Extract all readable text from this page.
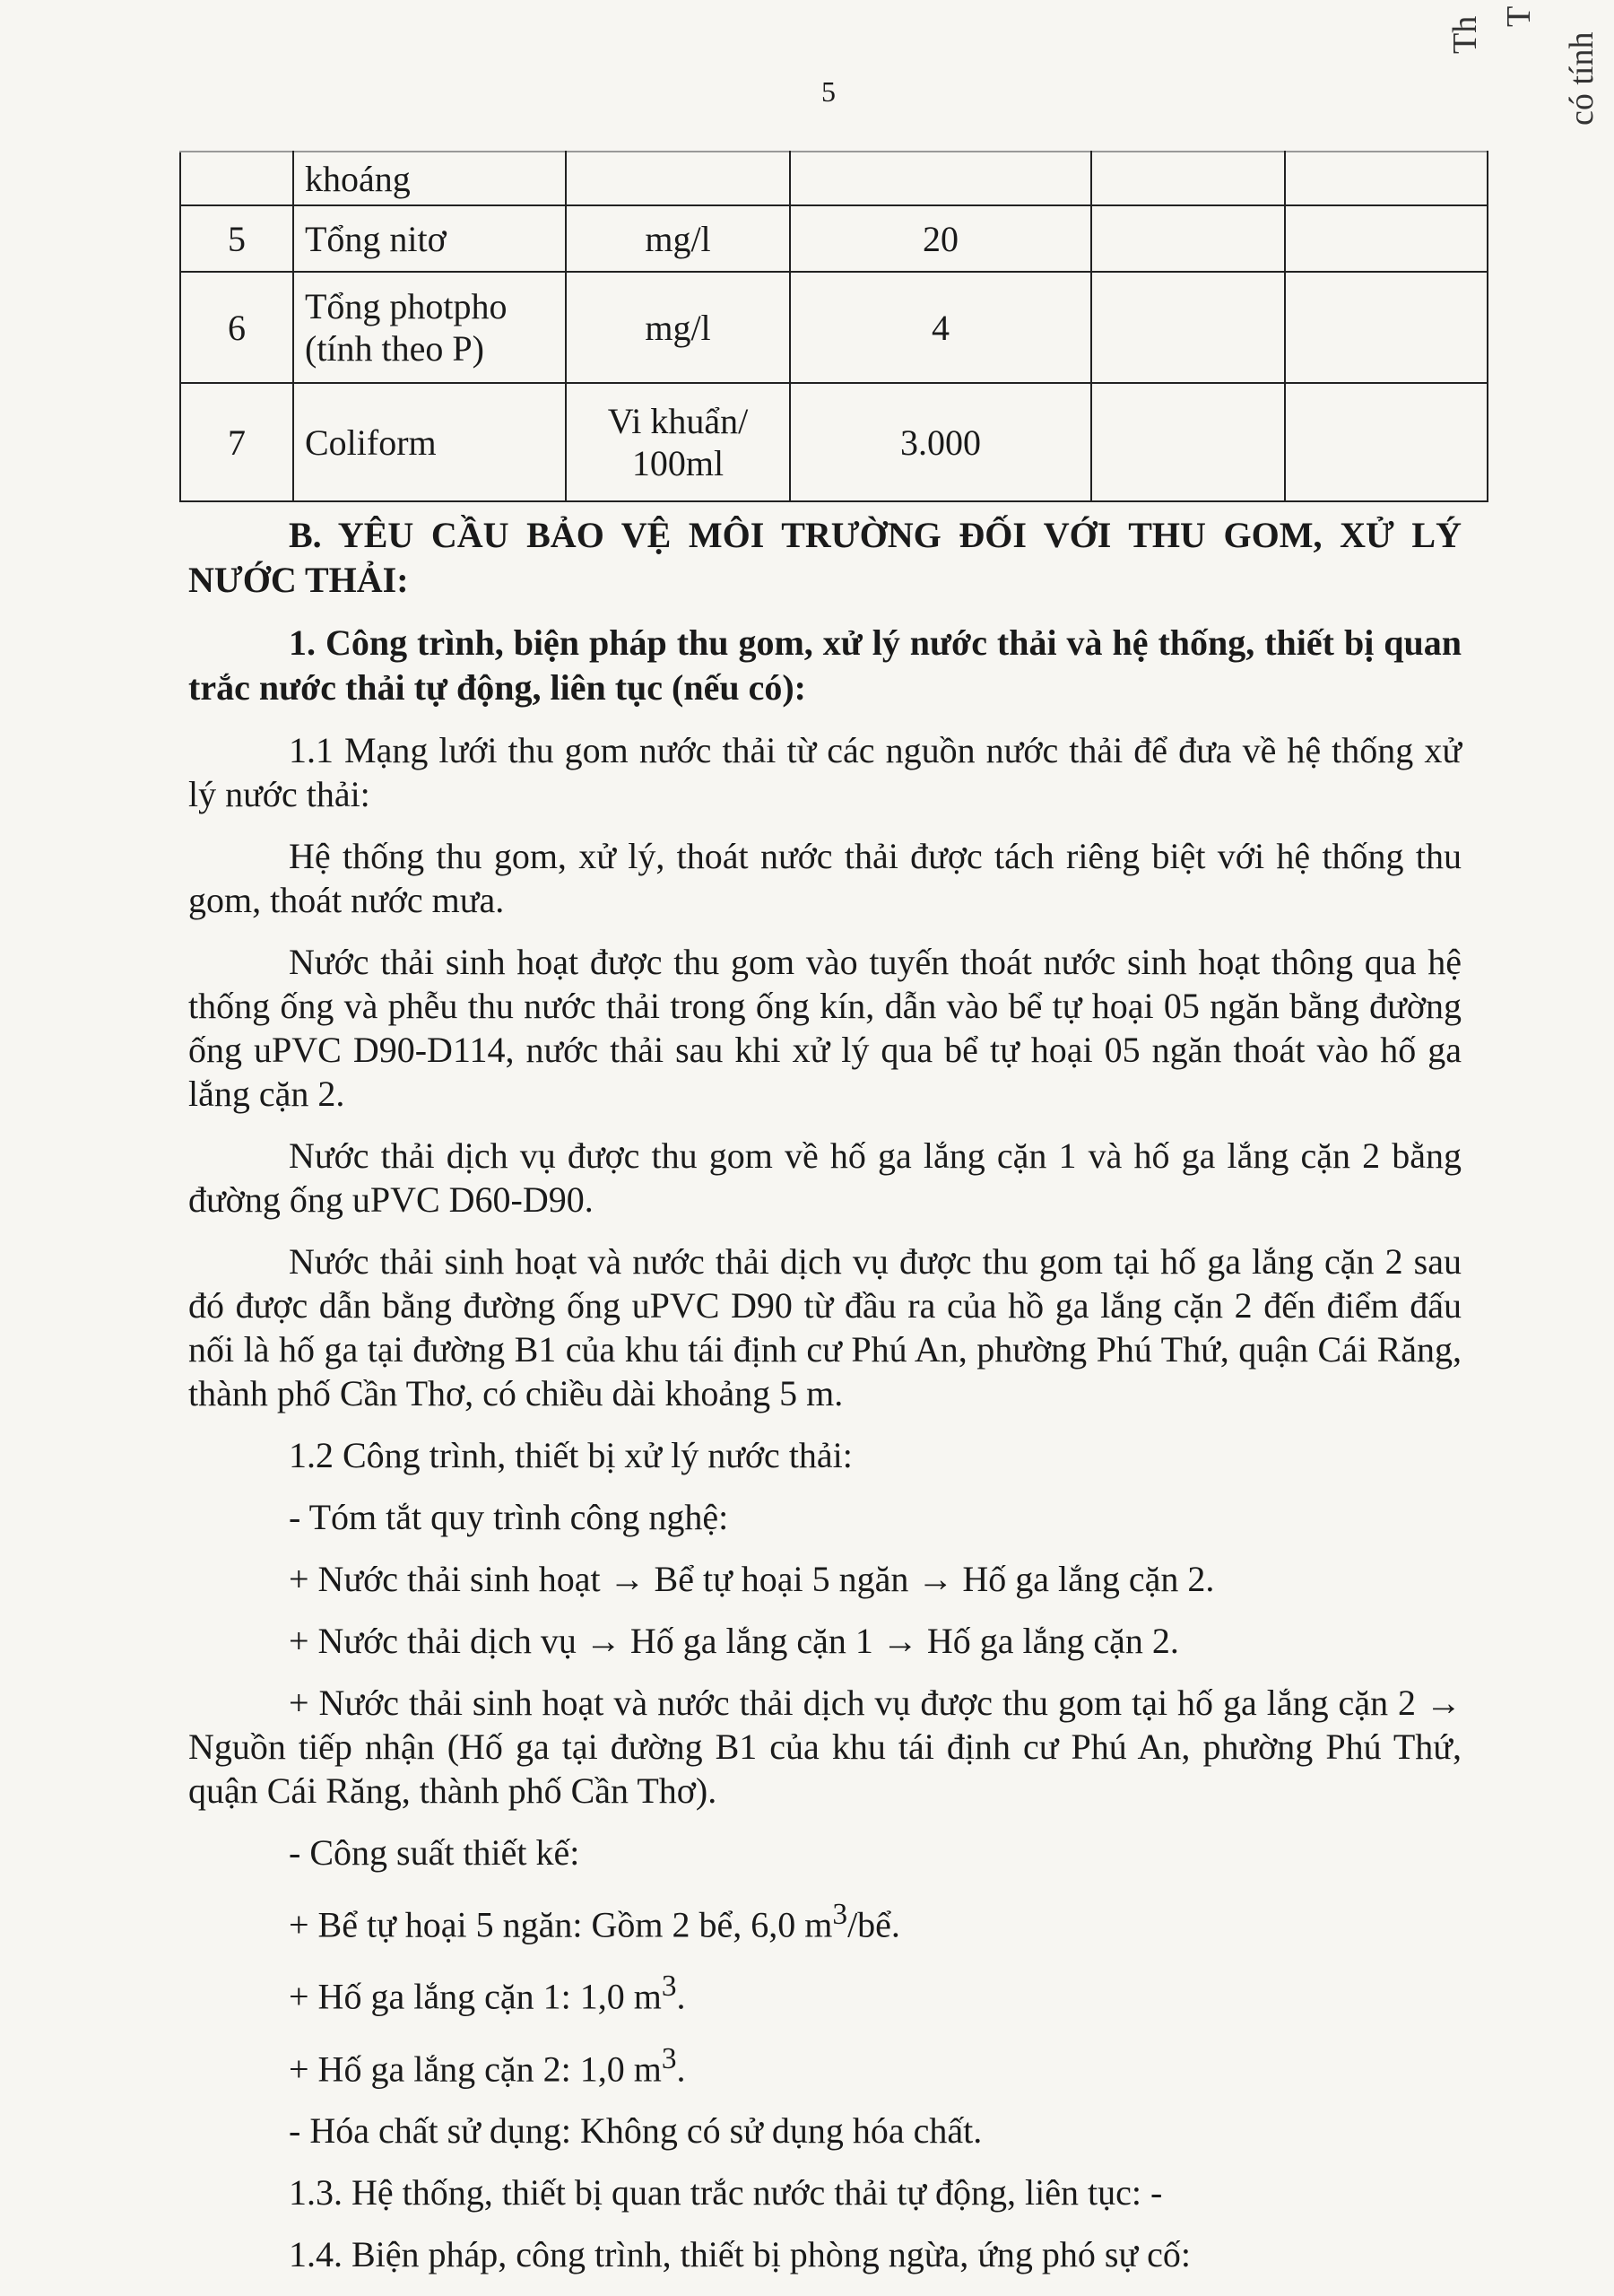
5
Th T
có tính
	khoáng				
5	Tổng nitơ	mg/l	20		
6	Tổng photpho (tính theo P)	mg/l	4		
7	Coliform	Vi khuẩn/ 100ml	3.000		
B. YÊU CẦU BẢO VỆ MÔI TRƯỜNG ĐỐI VỚI THU GOM, XỬ LÝ NƯỚC THẢI:
1. Công trình, biện pháp thu gom, xử lý nước thải và hệ thống, thiết bị quan trắc nước thải tự động, liên tục (nếu có):

1.1 Mạng lưới thu gom nước thải từ các nguồn nước thải để đưa về hệ thống xử lý nước thải:

Hệ thống thu gom, xử lý, thoát nước thải được tách riêng biệt với hệ thống thu gom, thoát nước mưa.

Nước thải sinh hoạt được thu gom vào tuyến thoát nước sinh hoạt thông qua hệ thống ống và phễu thu nước thải trong ống kín, dẫn vào bể tự hoại 05 ngăn bằng đường ống uPVC D90-D114, nước thải sau khi xử lý qua bể tự hoại 05 ngăn thoát vào hố ga lắng cặn 2.

Nước thải dịch vụ được thu gom về hố ga lắng cặn 1 và hố ga lắng cặn 2 bằng đường ống uPVC D60-D90.

Nước thải sinh hoạt và nước thải dịch vụ được thu gom tại hố ga lắng cặn 2 sau đó được dẫn bằng đường ống uPVC D90 từ đầu ra của hồ ga lắng cặn 2 đến điểm đấu nối là hố ga tại đường B1 của khu tái định cư Phú An, phường Phú Thứ, quận Cái Răng, thành phố Cần Thơ, có chiều dài khoảng 5 m.

1.2 Công trình, thiết bị xử lý nước thải:

- Tóm tắt quy trình công nghệ:

+ Nước thải sinh hoạt → Bể tự hoại 5 ngăn → Hố ga lắng cặn 2.

+ Nước thải dịch vụ → Hố ga lắng cặn 1 → Hố ga lắng cặn 2.

+ Nước thải sinh hoạt và nước thải dịch vụ được thu gom tại hố ga lắng cặn 2 → Nguồn tiếp nhận (Hố ga tại đường B1 của khu tái định cư Phú An, phường Phú Thứ, quận Cái Răng, thành phố Cần Thơ).

- Công suất thiết kế:

+ Bể tự hoại 5 ngăn: Gồm 2 bể, 6,0 $m^3/bể$.

+ Hố ga lắng cặn 1: 1,0 $m^3$.

+ Hố ga lắng cặn 2: 1,0 $m^3$.

- Hóa chất sử dụng: Không có sử dụng hóa chất.

1.3. Hệ thống, thiết bị quan trắc nước thải tự động, liên tục: -

1.4. Biện pháp, công trình, thiết bị phòng ngừa, ứng phó sự cố:
